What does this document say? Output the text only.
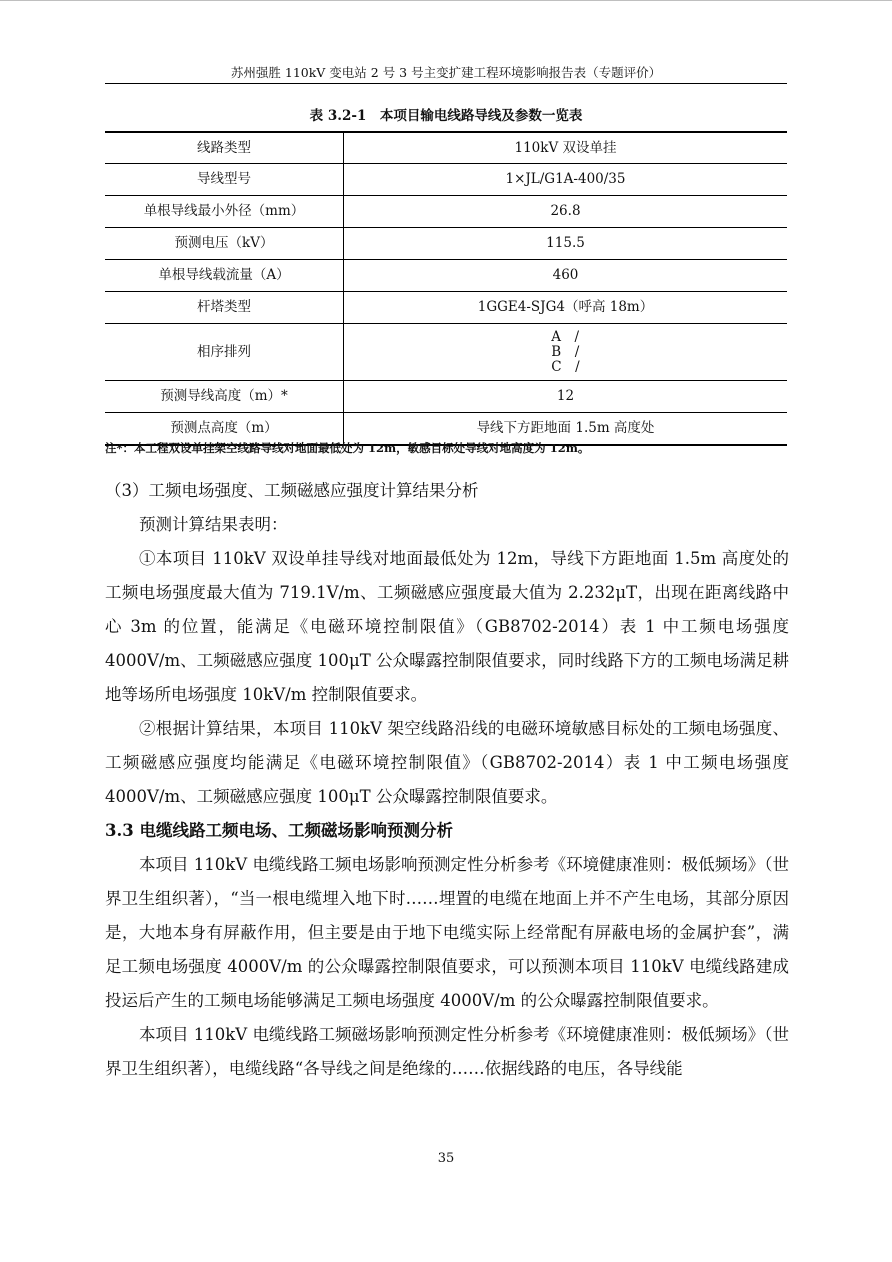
苏州强胜 110kV 变电站 2 号 3 号主变扩建工程环境影响报告表（专题评价）
表 3.2-1　本项目输电线路导线及参数一览表
线路类型	110kV 双设单挂
导线型号	1×JL/G1A-400/35
单根导线最小外径（mm）	26.8
预测电压（kV）	115.5
单根导线载流量（A）	460
杆塔类型	1GGE4-SJG4（呼高 18m）
相序排列
A　/
B　/
C　/
预测导线高度（m）*	12
预测点高度（m）	导线下方距地面 1.5m 高度处
注*：本工程双设单挂架空线路导线对地面最低处为 12m，敏感目标处导线对地高度为 12m。

（3）工频电场强度、工频磁感应强度计算结果分析

预测计算结果表明：

①本项目 110kV 双设单挂导线对地面最低处为 12m，导线下方距地面 1.5m 高度处的工频电场强度最大值为 719.1V/m、工频磁感应强度最大值为 2.232μT，出现在距离线路中心 3m 的位置，能满足《电磁环境控制限值》（GB8702-2014）表 1 中工频电场强度 4000V/m、工频磁感应强度 100μT 公众曝露控制限值要求，同时线路下方的工频电场满足耕地等场所电场强度 10kV/m 控制限值要求。

②根据计算结果，本项目 110kV 架空线路沿线的电磁环境敏感目标处的工频电场强度、工频磁感应强度均能满足《电磁环境控制限值》（GB8702-2014）表 1 中工频电场强度 4000V/m、工频磁感应强度 100μT 公众曝露控制限值要求。

3.3 电缆线路工频电场、工频磁场影响预测分析

本项目 110kV 电缆线路工频电场影响预测定性分析参考《环境健康准则：极低频场》（世界卫生组织著），“当一根电缆埋入地下时……埋置的电缆在地面上并不产生电场，其部分原因是，大地本身有屏蔽作用，但主要是由于地下电缆实际上经常配有屏蔽电场的金属护套”，满足工频电场强度 4000V/m 的公众曝露控制限值要求，可以预测本项目 110kV 电缆线路建成投运后产生的工频电场能够满足工频电场强度 4000V/m 的公众曝露控制限值要求。

本项目 110kV 电缆线路工频磁场影响预测定性分析参考《环境健康准则：极低频场》（世界卫生组织著），电缆线路“各导线之间是绝缘的……依据线路的电压，各导线能

35
